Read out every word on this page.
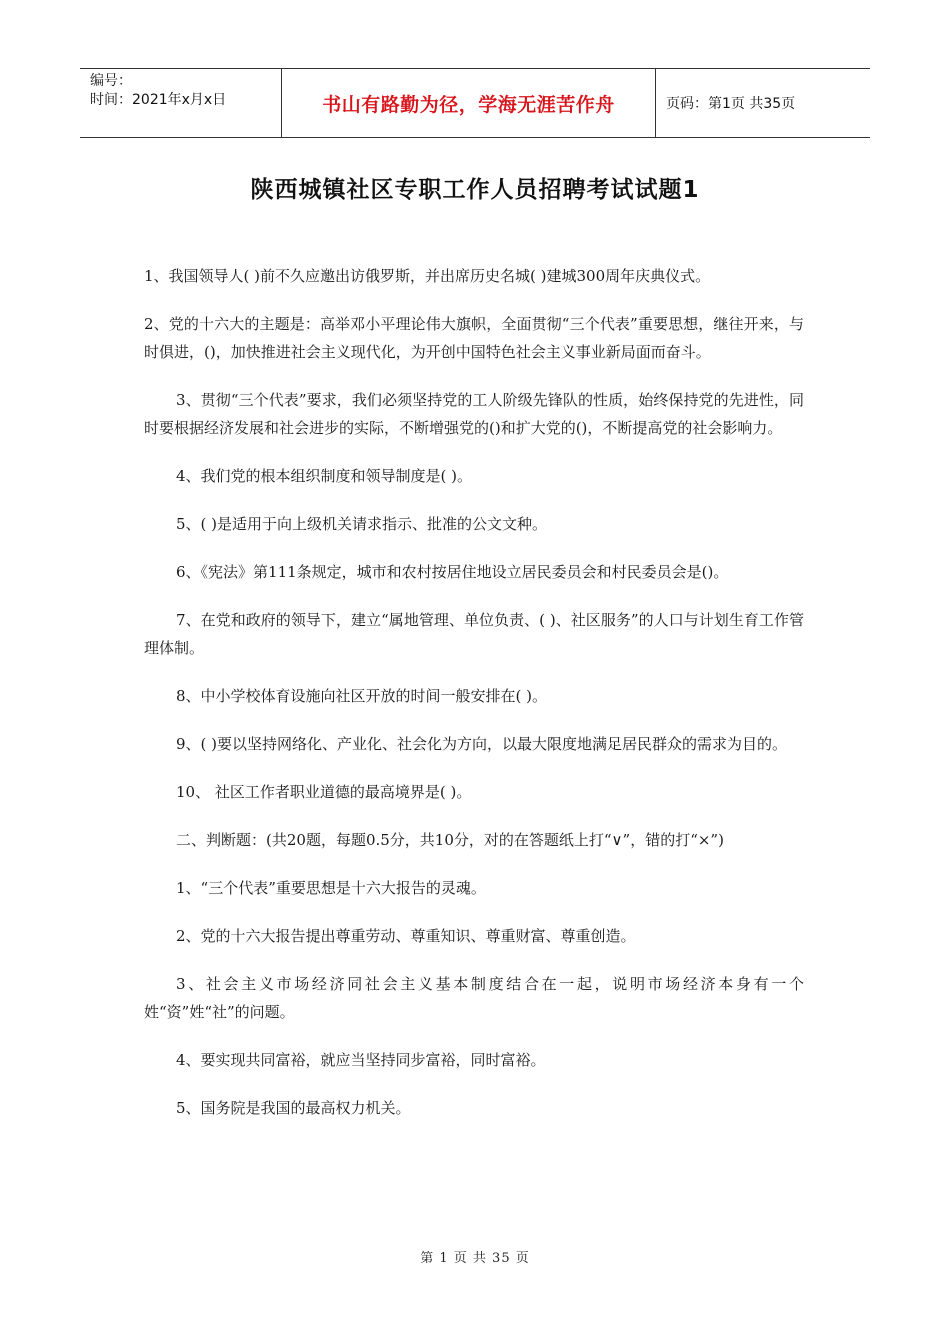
编号：
时间：2021年x月x日	书山有路勤为径，学海无涯苦作舟	页码：第1页 共35页
陕西城镇社区专职工作人员招聘考试试题1

1、我国领导人( )前不久应邀出访俄罗斯，并出席历史名城( )建城300周年庆典仪式。

2、党的十六大的主题是：高举邓小平理论伟大旗帜，全面贯彻“三个代表”重要思想，继往开来，与时俱进，()，加快推进社会主义现代化，为开创中国特色社会主义事业新局面而奋斗。

3、贯彻“三个代表”要求，我们必须坚持党的工人阶级先锋队的性质，始终保持党的先进性，同时要根据经济发展和社会进步的实际，不断增强党的()和扩大党的()，不断提高党的社会影响力。

4、我们党的根本组织制度和领导制度是( )。

5、( )是适用于向上级机关请求指示、批准的公文文种。

6、《宪法》第111条规定，城市和农村按居住地设立居民委员会和村民委员会是()。

7、在党和政府的领导下，建立“属地管理、单位负责、( )、社区服务”的人口与计划生育工作管理体制。

8、中小学校体育设施向社区开放的时间一般安排在( )。

9、( )要以坚持网络化、产业化、社会化为方向，以最大限度地满足居民群众的需求为目的。

10、 社区工作者职业道德的最高境界是( )。

二、判断题：(共20题，每题0.5分，共10分，对的在答题纸上打“∨”，错的打“×”)

1、“三个代表”重要思想是十六大报告的灵魂。

2、党的十六大报告提出尊重劳动、尊重知识、尊重财富、尊重创造。

3、社会主义市场经济同社会主义基本制度结合在一起，说明市场经济本身有一个姓“资”姓“社”的问题。

4、要实现共同富裕，就应当坚持同步富裕，同时富裕。

5、国务院是我国的最高权力机关。

第 1 页 共 35 页
